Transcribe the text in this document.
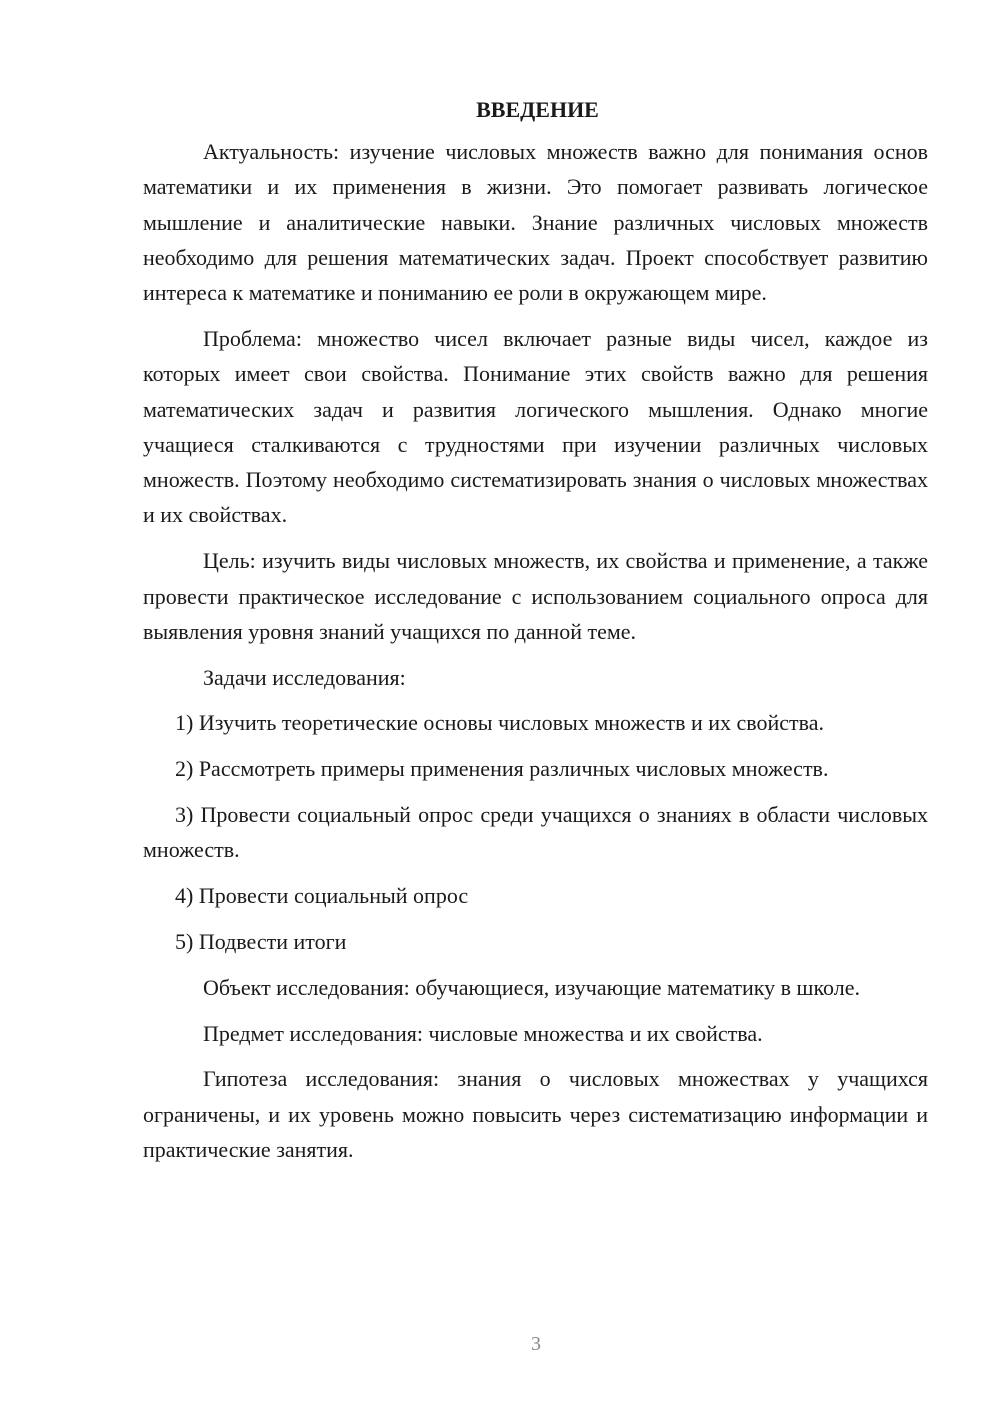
ВВЕДЕНИЕ

Актуальность: изучение числовых множеств важно для понимания основ математики и их применения в жизни. Это помогает развивать логическое мышление и аналитические навыки. Знание различных числовых множеств необходимо для решения математических задач. Проект способствует развитию интереса к математике и пониманию ее роли в окружающем мире.

Проблема: множество чисел включает разные виды чисел, каждое из которых имеет свои свойства. Понимание этих свойств важно для решения математических задач и развития логического мышления. Однако многие учащиеся сталкиваются с трудностями при изучении различных числовых множеств. Поэтому необходимо систематизировать знания о числовых множествах и их свойствах.

Цель: изучить виды числовых множеств, их свойства и применение, а также провести практическое исследование с использованием социального опроса для выявления уровня знаний учащихся по данной теме.

Задачи исследования:

1) Изучить теоретические основы числовых множеств и их свойства.

2) Рассмотреть примеры применения различных числовых множеств.

3) Провести социальный опрос среди учащихся о знаниях в области числовых множеств.

4) Провести социальный опрос

5) Подвести итоги

Объект исследования: обучающиеся, изучающие математику в школе.

Предмет исследования: числовые множества и их свойства.

Гипотеза исследования: знания о числовых множествах у учащихся ограничены, и их уровень можно повысить через систематизацию информации и практические занятия.

3
